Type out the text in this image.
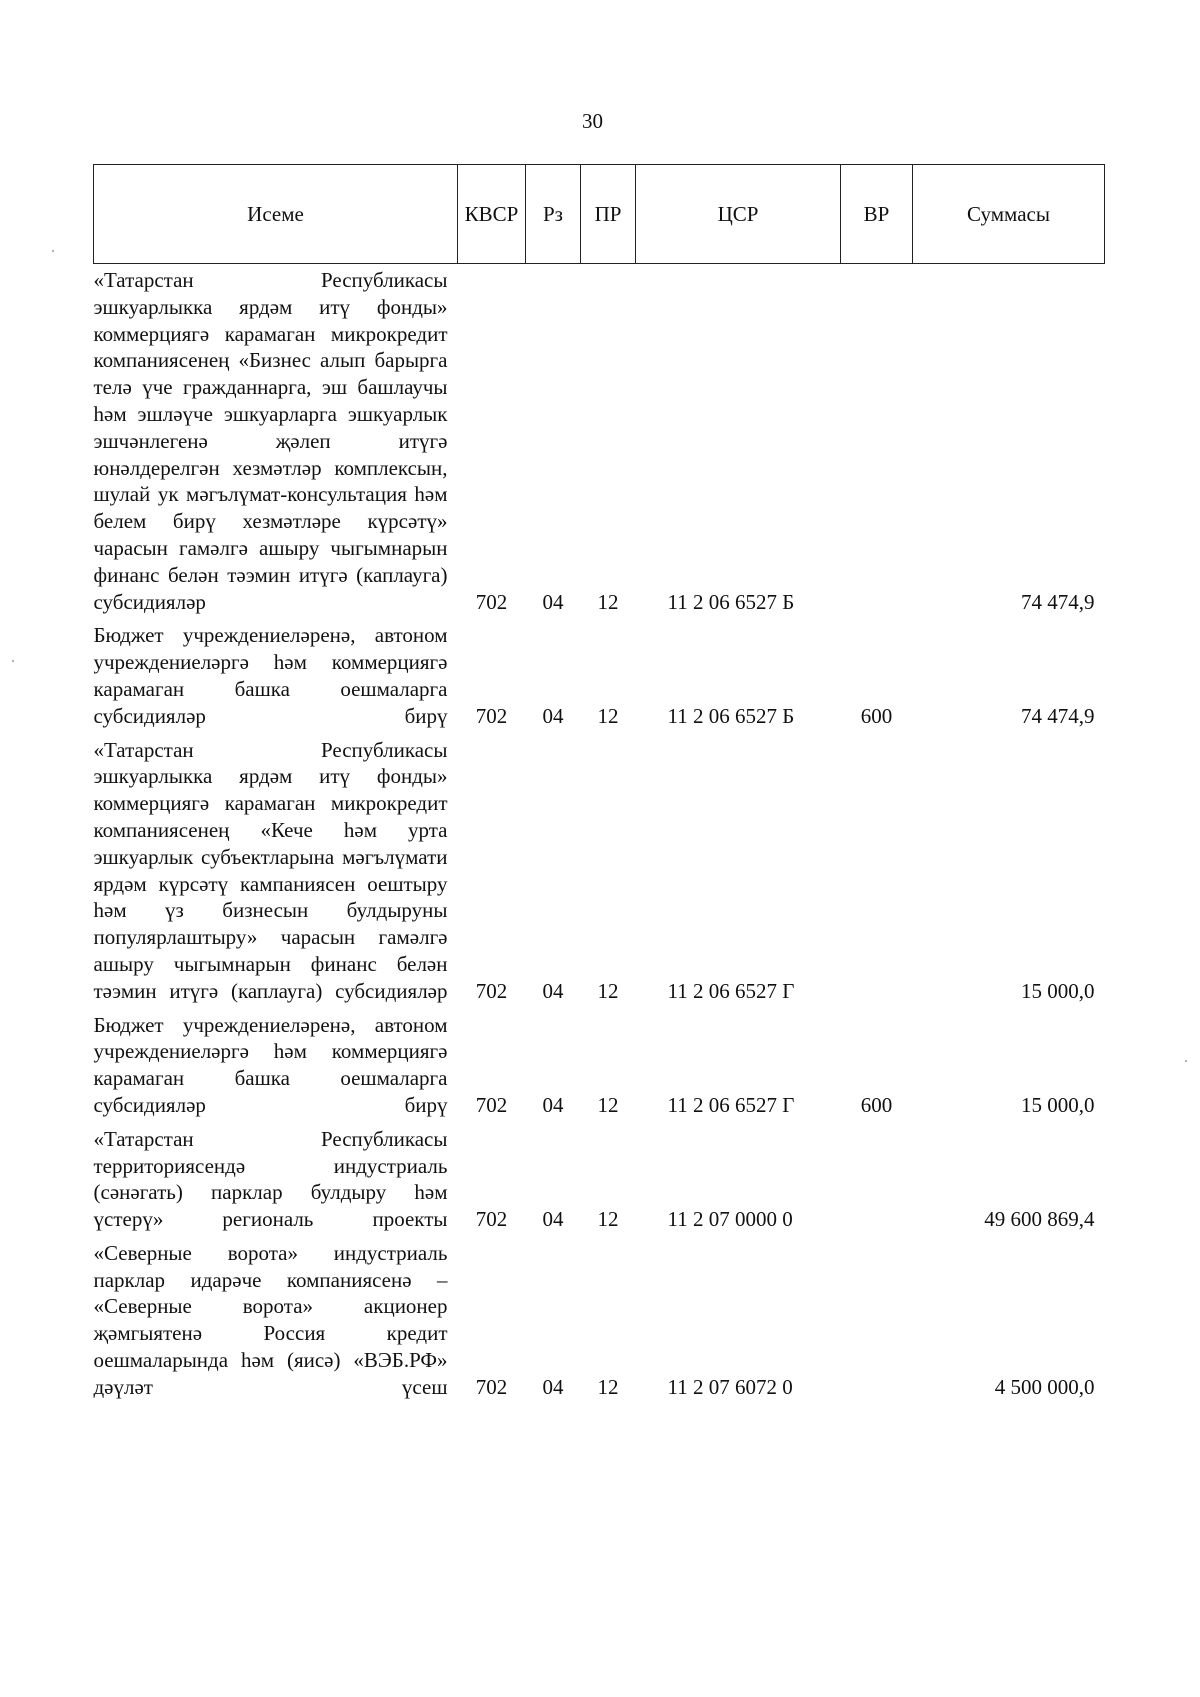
30
Исеме	КВСР	Рз	ПР	ЦСР	ВР	Суммасы

«Татарстан Республикасы эшкуарлыкка ярдәм итү фонды» коммерциягә карамаган микрокредит компаниясенең «Бизнес алып барырга телә үче гражданнарга, эш башлаучы һәм эшләүче эшкуарларга эшкуарлык эшчәнлегенә җәлеп итүгә юнәлдерелгән хезмәтләр комплексын, шулай ук мәгълүмат-консультация һәм белем бирү хезмәтләре күрсәтү» чарасын гамәлгә ашыру чыгымнарын финанс белән тәэмин итүгә (каплауга) субсидияләр	702	04	12	11 2 06 6527 Б		74 474,9

Бюджет учреждениеләренә, автоном учреждениеләргә һәм коммерциягә карамаган башка оешмаларга субсидияләр бирү	702	04	12	11 2 06 6527 Б	600	74 474,9

«Татарстан Республикасы эшкуарлыкка ярдәм итү фонды» коммерциягә карамаган микрокредит компаниясенең «Кече һәм урта эшкуарлык субъектларына мәгълүмати ярдәм күрсәтү кампаниясен оештыру һәм үз бизнесын булдыруны популярлаштыру» чарасын гамәлгә ашыру чыгымнарын финанс белән тәэмин итүгә (каплауга) субсидияләр	702	04	12	11 2 06 6527 Г		15 000,0

Бюджет учреждениеләренә, автоном учреждениеләргә һәм коммерциягә карамаган башка оешмаларга субсидияләр бирү	702	04	12	11 2 06 6527 Г	600	15 000,0

«Татарстан Республикасы территориясендә индустриаль (сәнәгать) парклар булдыру һәм үстерү» региональ проекты	702	04	12	11 2 07 0000 0		49 600 869,4

«Северные ворота» индустриаль парклар идарәче компаниясенә – «Северные ворота» акционер җәмгыятенә Россия кредит оешмаларында һәм (яисә) «ВЭБ.РФ» дәүләт үсеш	702	04	12	11 2 07 6072 0		4 500 000,0
